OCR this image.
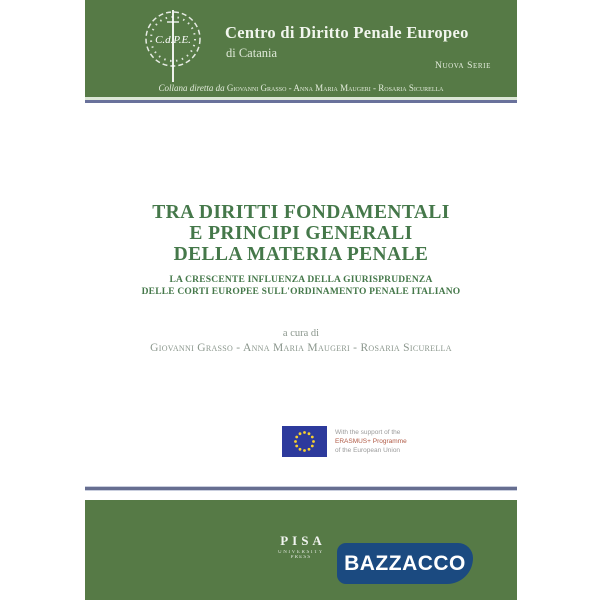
C.d.P.E. Centro di Diritto Penale Europeo
di Catania
Nuova Serie
Collana diretta da Giovanni Grasso - Anna Maria Maugeri - Rosaria Sicurella
TRA DIRITTI FONDAMENTALI
E PRINCIPI GENERALI
DELLA MATERIA PENALE
LA CRESCENTE INFLUENZA DELLA GIURISPRUDENZA
DELLE CORTI EUROPEE SULL'ORDINAMENTO PENALE ITALIANO
a cura di
Giovanni Grasso - Anna Maria Maugeri - Rosaria Sicurella
With the support of the
ERASMUS+ Programme
of the European Union
PISA
UNIVERSITY
PRESS	BAZZACCO
